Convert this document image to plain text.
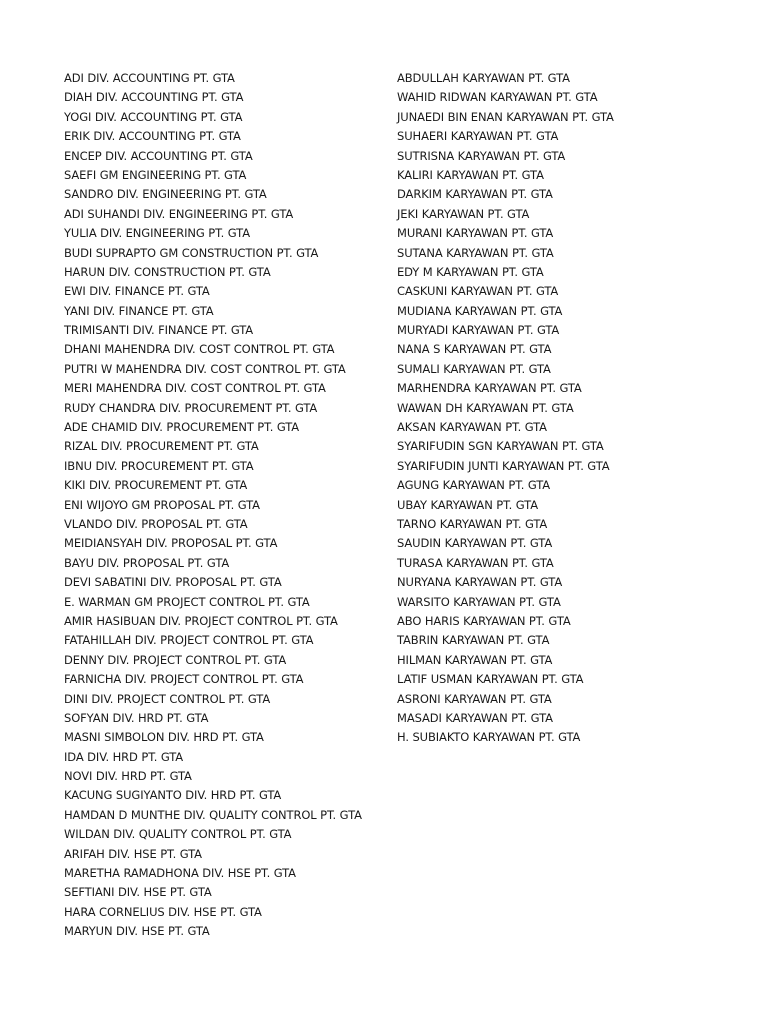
ADI DIV. ACCOUNTING PT. GTA
DIAH DIV. ACCOUNTING PT. GTA
YOGI DIV. ACCOUNTING PT. GTA
ERIK DIV. ACCOUNTING PT. GTA
ENCEP DIV. ACCOUNTING PT. GTA
SAEFI GM ENGINEERING PT. GTA
SANDRO DIV. ENGINEERING PT. GTA
ADI SUHANDI DIV. ENGINEERING PT. GTA
YULIA DIV. ENGINEERING PT. GTA
BUDI SUPRAPTO GM CONSTRUCTION PT. GTA
HARUN DIV. CONSTRUCTION PT. GTA
EWI DIV. FINANCE PT. GTA
YANI DIV. FINANCE PT. GTA
TRIMISANTI DIV. FINANCE PT. GTA
DHANI MAHENDRA DIV. COST CONTROL PT. GTA
PUTRI W MAHENDRA DIV. COST CONTROL PT. GTA
MERI MAHENDRA DIV. COST CONTROL PT. GTA
RUDY CHANDRA DIV. PROCUREMENT PT. GTA
ADE CHAMID DIV. PROCUREMENT PT. GTA
RIZAL DIV. PROCUREMENT PT. GTA
IBNU DIV. PROCUREMENT PT. GTA
KIKI DIV. PROCUREMENT PT. GTA
ENI WIJOYO GM PROPOSAL PT. GTA
VLANDO DIV. PROPOSAL PT. GTA
MEIDIANSYAH DIV. PROPOSAL PT. GTA
BAYU DIV. PROPOSAL PT. GTA
DEVI SABATINI DIV. PROPOSAL PT. GTA
E. WARMAN GM PROJECT CONTROL PT. GTA
AMIR HASIBUAN DIV. PROJECT CONTROL PT. GTA
FATAHILLAH DIV. PROJECT CONTROL PT. GTA
DENNY DIV. PROJECT CONTROL PT. GTA
FARNICHA DIV. PROJECT CONTROL PT. GTA
DINI DIV. PROJECT CONTROL PT. GTA
SOFYAN DIV. HRD PT. GTA
MASNI SIMBOLON DIV. HRD PT. GTA
IDA DIV. HRD PT. GTA
NOVI DIV. HRD PT. GTA
KACUNG SUGIYANTO DIV. HRD PT. GTA
HAMDAN D MUNTHE DIV. QUALITY CONTROL PT. GTA
WILDAN DIV. QUALITY CONTROL PT. GTA
ARIFAH DIV. HSE PT. GTA
MARETHA RAMADHONA DIV. HSE PT. GTA
SEFTIANI DIV. HSE PT. GTA
HARA CORNELIUS DIV. HSE PT. GTA
MARYUN DIV. HSE PT. GTA
ABDULLAH KARYAWAN PT. GTA
WAHID RIDWAN KARYAWAN PT. GTA
JUNAEDI BIN ENAN KARYAWAN PT. GTA
SUHAERI KARYAWAN PT. GTA
SUTRISNA KARYAWAN PT. GTA
KALIRI KARYAWAN PT. GTA
DARKIM KARYAWAN PT. GTA
JEKI KARYAWAN PT. GTA
MURANI KARYAWAN PT. GTA
SUTANA KARYAWAN PT. GTA
EDY M KARYAWAN PT. GTA
CASKUNI KARYAWAN PT. GTA
MUDIANA KARYAWAN PT. GTA
MURYADI KARYAWAN PT. GTA
NANA S KARYAWAN PT. GTA
SUMALI KARYAWAN PT. GTA
MARHENDRA KARYAWAN PT. GTA
WAWAN DH KARYAWAN PT. GTA
AKSAN KARYAWAN PT. GTA
SYARIFUDIN SGN KARYAWAN PT. GTA
SYARIFUDIN JUNTI KARYAWAN PT. GTA
AGUNG KARYAWAN PT. GTA
UBAY KARYAWAN PT. GTA
TARNO KARYAWAN PT. GTA
SAUDIN KARYAWAN PT. GTA
TURASA KARYAWAN PT. GTA
NURYANA KARYAWAN PT. GTA
WARSITO KARYAWAN PT. GTA
ABO HARIS KARYAWAN PT. GTA
TABRIN KARYAWAN PT. GTA
HILMAN KARYAWAN PT. GTA
LATIF USMAN KARYAWAN PT. GTA
ASRONI KARYAWAN PT. GTA
MASADI KARYAWAN PT. GTA
H. SUBIAKTO KARYAWAN PT. GTA
